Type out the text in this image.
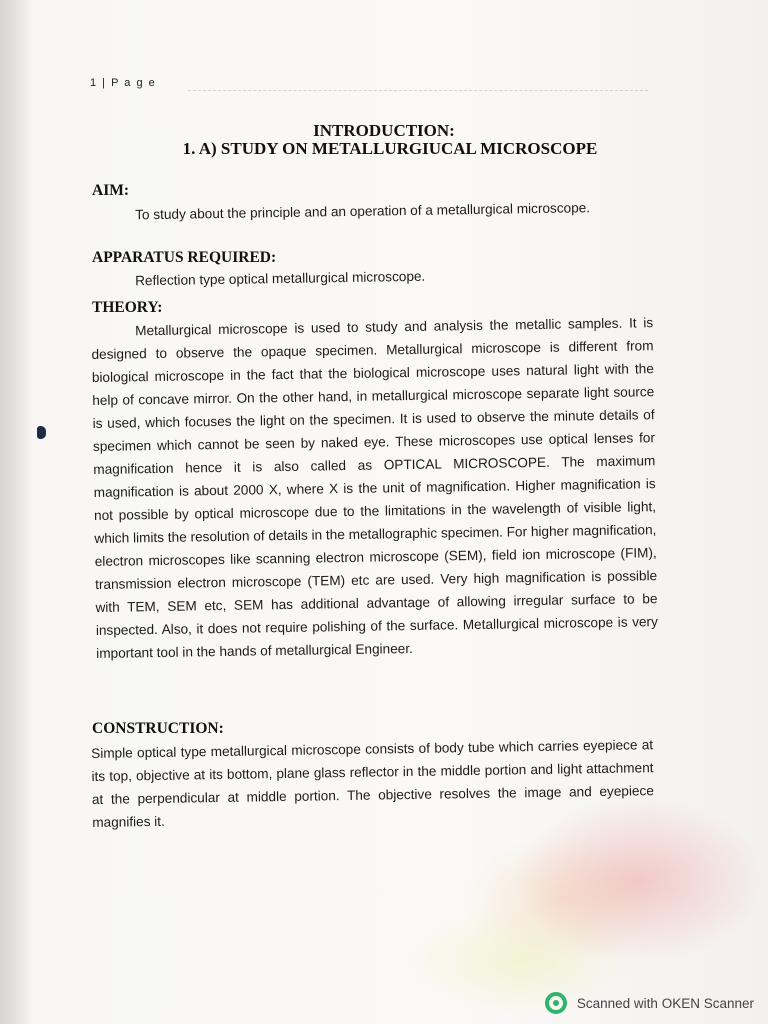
1 | P a g e
INTRODUCTION:
1. A) STUDY ON METALLURGIUCAL MICROSCOPE
AIM:
To study about the principle and an operation of a metallurgical microscope.
APPARATUS REQUIRED:
Reflection type optical metallurgical microscope.
THEORY:
Metallurgical microscope is used to study and analysis the metallic samples. It is designed to observe the opaque specimen. Metallurgical microscope is different from biological microscope in the fact that the biological microscope uses natural light with the help of concave mirror. On the other hand, in metallurgical microscope separate light source is used, which focuses the light on the specimen. It is used to observe the minute details of specimen which cannot be seen by naked eye. These microscopes use optical lenses for magnification hence it is also called as OPTICAL MICROSCOPE. The maximum magnification is about 2000 X, where X is the unit of magnification. Higher magnification is not possible by optical microscope due to the limitations in the wavelength of visible light, which limits the resolution of details in the metallographic specimen. For higher magnification, electron microscopes like scanning electron microscope (SEM), field ion microscope (FIM), transmission electron microscope (TEM) etc are used. Very high magnification is possible with TEM, SEM etc, SEM has additional advantage of allowing irregular surface to be inspected. Also, it does not require polishing of the surface. Metallurgical microscope is very important tool in the hands of metallurgical Engineer.
CONSTRUCTION:
Simple optical type metallurgical microscope consists of body tube which carries eyepiece at its top, objective at its bottom, plane glass reflector in the middle portion and light attachment at the perpendicular at middle portion. The objective resolves the image and eyepiece magnifies it.
Scanned with OKEN Scanner
